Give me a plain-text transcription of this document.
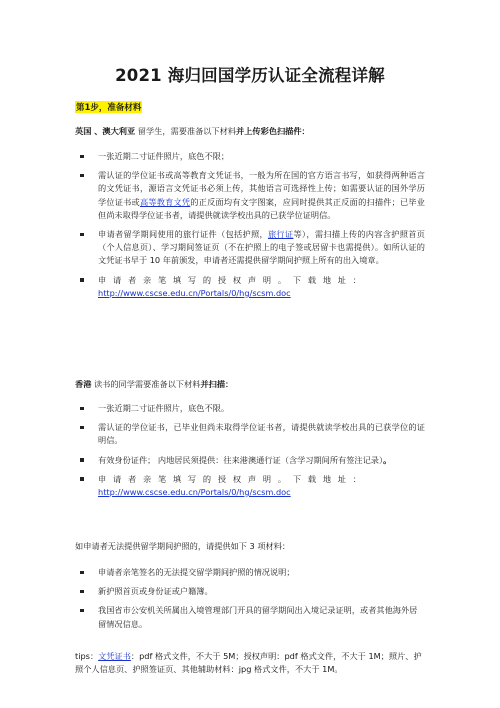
2021 海归回国学历认证全流程详解
第1步，准备材料
英国 、澳大利亚 留学生，需要准备以下材料并上传彩色扫描件：
一张近期二寸证件照片，底色不限；
需认证的学位证书或高等教育文凭证书，一般为所在国的官方语言书写，如获得两种语言的文凭证书，源语言文凭证书必须上传，其他语言可选择性上传；如需要认证的国外学历学位证书或高等教育文凭的正反面均有文字图案，应同时提供其正反面的扫描件；已毕业但尚未取得学位证书者，请提供就读学校出具的已获学位证明信。
申请者留学期间使用的旅行证件（包括护照，旅行证等），需扫描上传的内容含护照首页（个人信息页）、学习期间签证页（不在护照上的电子签或居留卡也需提供）。如所认证的文凭证书早于 10 年前颁发，申请者还需提供留学期间护照上所有的出入境章。
申请者亲笔填写的授权声明。下载地址：
http://www.cscse.edu.cn/Portals/0/hg/scsm.doc
香港 读书的同学需要准备以下材料并扫描：
一张近期二寸证件照片，底色不限。
需认证的学位证书，已毕业但尚未取得学位证书者，请提供就读学校出具的已获学位的证明信。
有效身份证件； 内地居民须提供：往来港澳通行证（含学习期间所有签注记录）。
申请者亲笔填写的授权声明。下载地址：
http://www.cscse.edu.cn/Portals/0/hg/scsm.doc
如申请者无法提供留学期间护照的，请提供如下 3 项材料：
申请者亲笔签名的无法提交留学期间护照的情况说明；
新护照首页或身份证或户籍簿。
我国省市公安机关所属出入境管理部门开具的留学期间出入境记录证明，或者其他海外居留情况信息。
tips：文凭证书：pdf 格式文件，不大于 5M；授权声明：pdf 格式文件，不大于 1M；照片、护照个人信息页、护照签证页、其他辅助材料：jpg 格式文件，不大于 1M。
